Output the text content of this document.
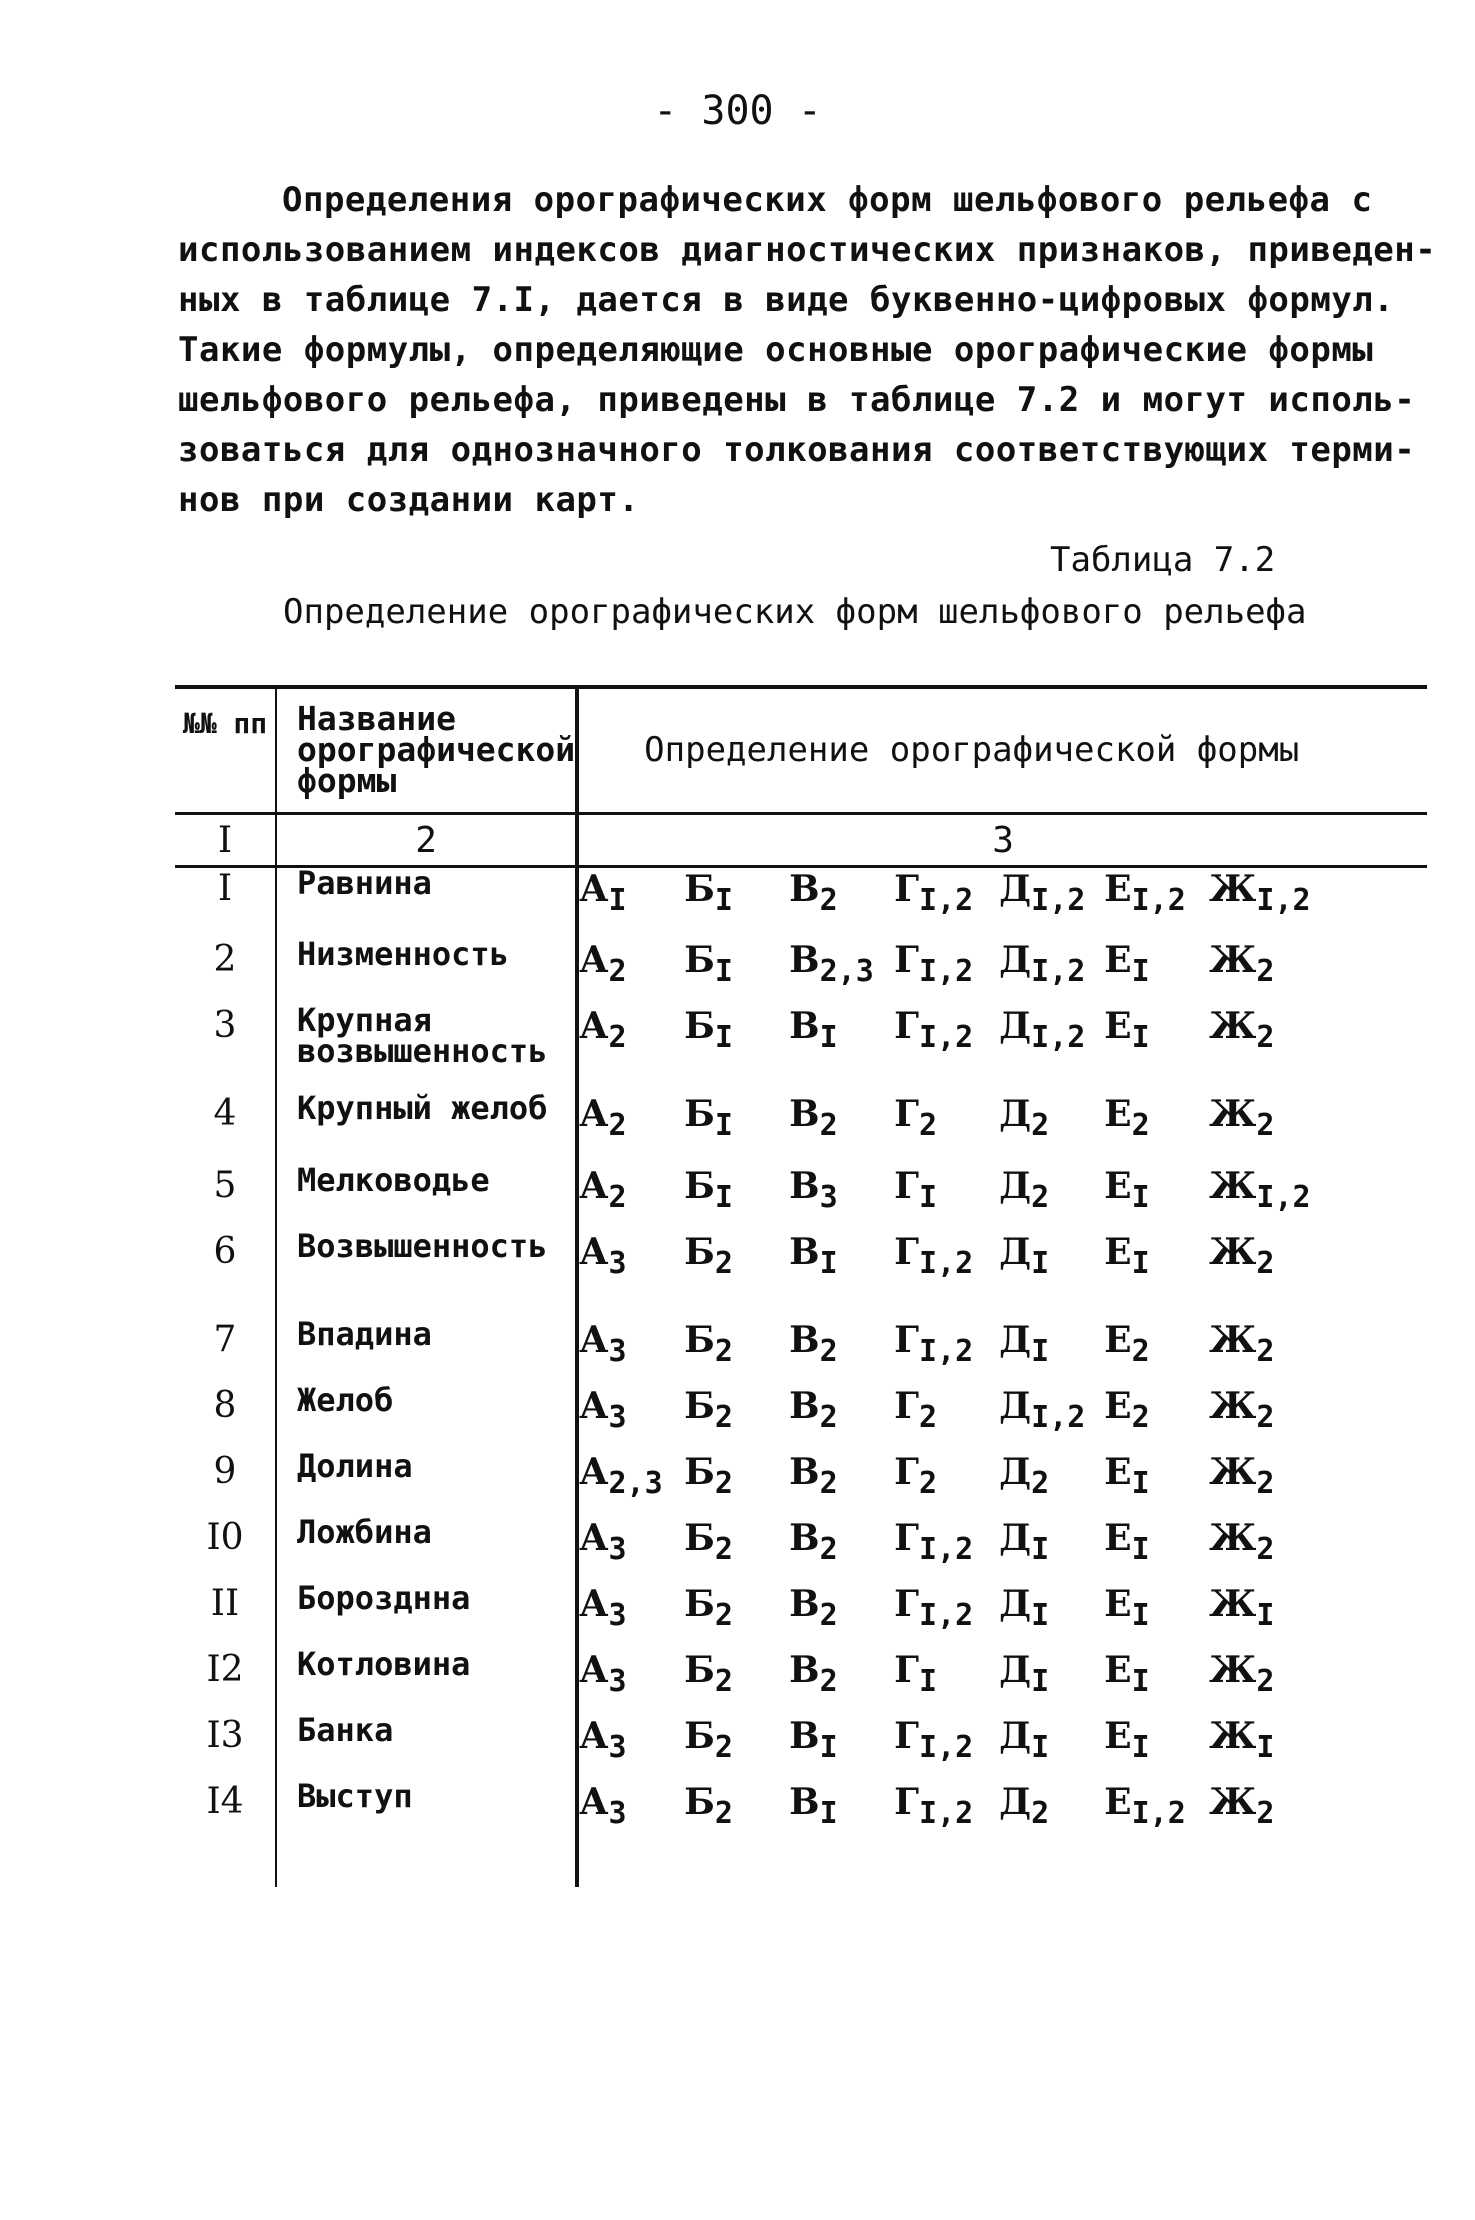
- 300 -
Определения орографических форм шельфового рельефа с
использованием индексов диагностических признаков, приведен-
ных в таблице 7.I, дается в виде буквенно-цифровых формул.
Такие формулы, определяющие основные орографические формы
шельфового рельефа, приведены в таблице 7.2 и могут исполь-
зоваться для однозначного толкования соответствующих терми-
нов при создании карт.
Таблица 7.2
Определение орографических форм шельфового рельефа
№№ пп	Название орографической формы	Определение орографической формы
I	2	3
I	Равнина	$А_I$ $Б_I$ $В_2$ $Г_{I,2}$ $Д_{I,2}$ $Е_{I,2}$ $Ж_{I,2}$
2	Низменность	$А_2$ $Б_I$ $В_{2,3}$ $Г_{I,2}$ $Д_{I,2}$ $Е_I$ $Ж_2$
3	Крупная возвышенность	$А_2$ $Б_I$ $В_I$ $Г_{I,2}$ $Д_{I,2}$ $Е_I$ $Ж_2$
4	Крупный желоб	$А_2$ $Б_I$ $В_2$ $Г_2$ $Д_2$ $Е_2$ $Ж_2$
5	Мелководье	$А_2$ $Б_I$ $В_3$ $Г_I$ $Д_2$ $Е_I$ $Ж_{I,2}$
6	Возвышенность	$А_3$ $Б_2$ $В_I$ $Г_{I,2}$ $Д_I$ $Е_I$ $Ж_2$
7	Впадина	$А_3$ $Б_2$ $В_2$ $Г_{I,2}$ $Д_I$ $Е_2$ $Ж_2$
8	Желоб	$А_3$ $Б_2$ $В_2$ $Г_2$ $Д_{I,2}$ $Е_2$ $Ж_2$
9	Долина	$А_{2,3}$ $Б_2$ $В_2$ $Г_2$ $Д_2$ $Е_I$ $Ж_2$
I0	Ложбина	$А_3$ $Б_2$ $В_2$ $Г_{I,2}$ $Д_I$ $Е_I$ $Ж_2$
II	Борозднна	$А_3$ $Б_2$ $В_2$ $Г_{I,2}$ $Д_I$ $Е_I$ $Ж_I$
I2	Котловина	$А_3$ $Б_2$ $В_2$ $Г_I$ $Д_I$ $Е_I$ $Ж_2$
I3	Банка	$А_3$ $Б_2$ $В_I$ $Г_{I,2}$ $Д_I$ $Е_I$ $Ж_I$
I4	Выступ	$А_3$ $Б_2$ $В_I$ $Г_{I,2}$ $Д_2$ $Е_{I,2}$ $Ж_2$
